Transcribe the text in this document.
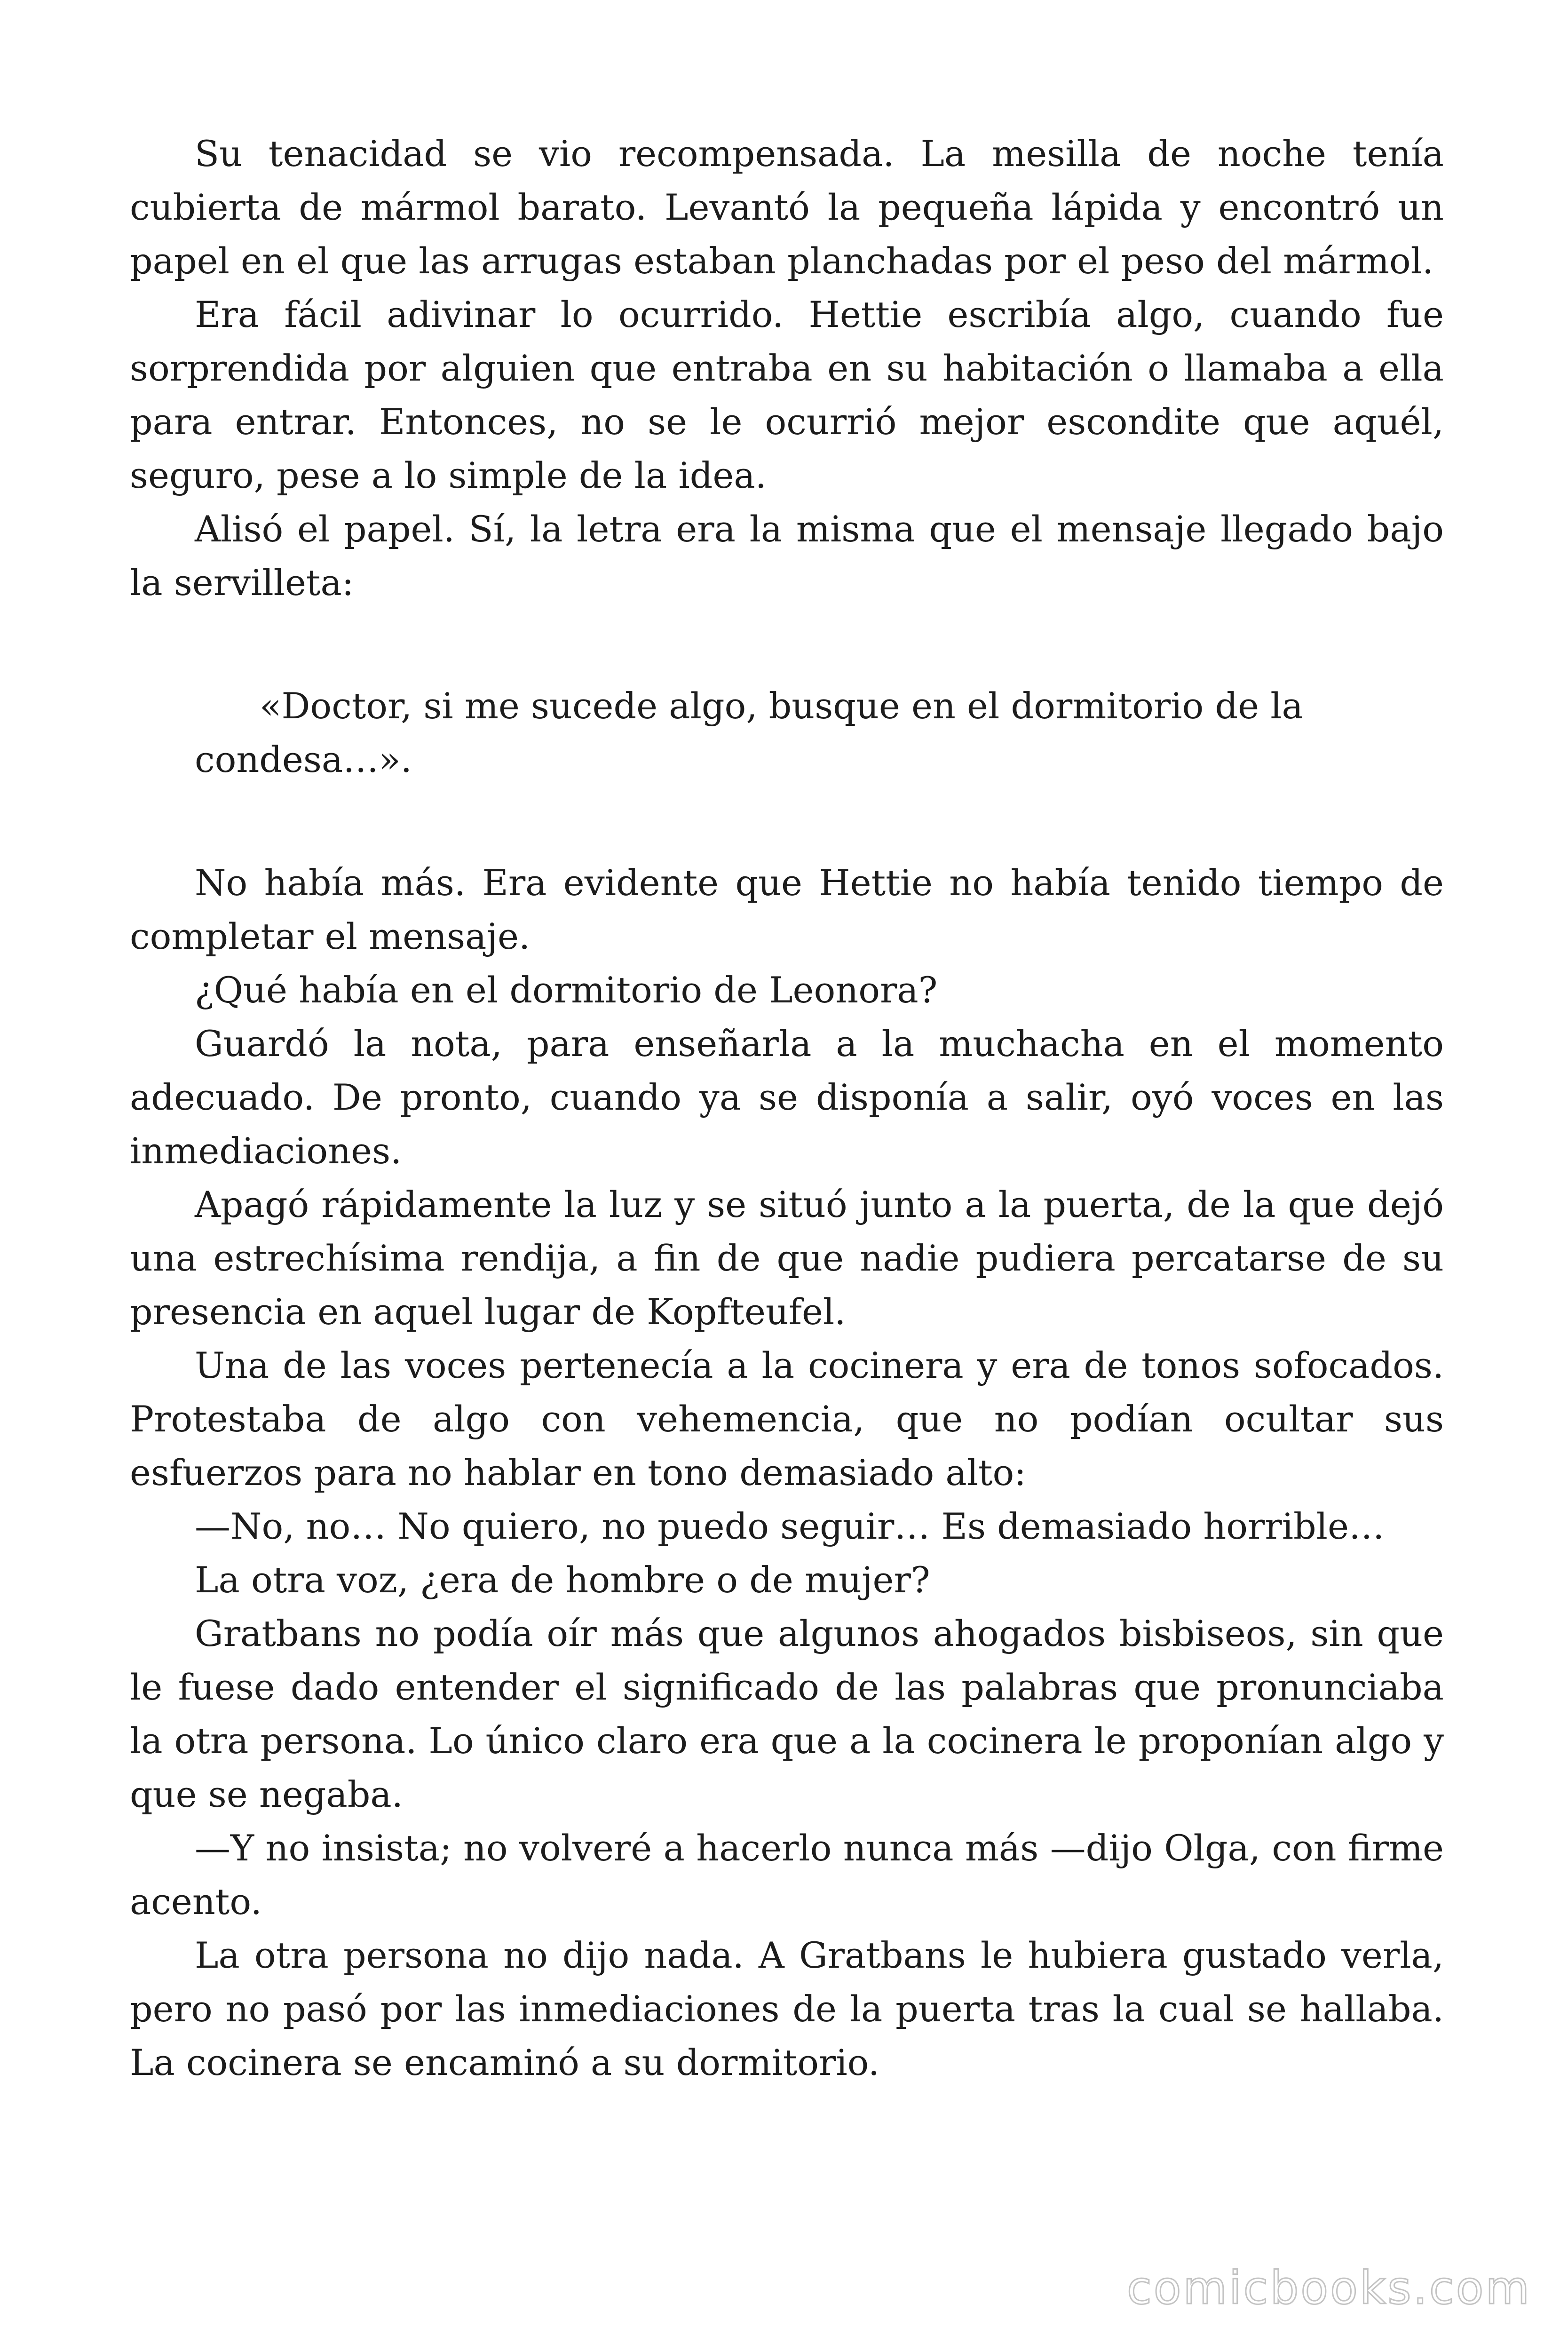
Su tenacidad se vio recompensada. La mesilla de noche tenía cubierta de mármol barato. Levantó la pequeña lápida y encontró un papel en el que las arrugas estaban planchadas por el peso del mármol.

Era fácil adivinar lo ocurrido. Hettie escribía algo, cuando fue sorprendida por alguien que entraba en su habitación o llamaba a ella para entrar. Entonces, no se le ocurrió mejor escondite que aquél, seguro, pese a lo simple de la idea.

Alisó el papel. Sí, la letra era la misma que el mensaje llegado bajo la servilleta:

«Doctor, si me sucede algo, busque en el dormitorio de la condesa…».

No había más. Era evidente que Hettie no había tenido tiempo de completar el mensaje.

¿Qué había en el dormitorio de Leonora?

Guardó la nota, para enseñarla a la muchacha en el momento adecuado. De pronto, cuando ya se disponía a salir, oyó voces en las inmediaciones.

Apagó rápidamente la luz y se situó junto a la puerta, de la que dejó una estrechísima rendija, a fin de que nadie pudiera percatarse de su presencia en aquel lugar de Kopfteufel.

Una de las voces pertenecía a la cocinera y era de tonos sofocados. Protestaba de algo con vehemencia, que no podían ocultar sus esfuerzos para no hablar en tono demasiado alto:

—No, no… No quiero, no puedo seguir… Es demasiado horrible…

La otra voz, ¿era de hombre o de mujer?

Gratbans no podía oír más que algunos ahogados bisbiseos, sin que le fuese dado entender el significado de las palabras que pronunciaba la otra persona. Lo único claro era que a la cocinera le proponían algo y que se negaba.

—Y no insista; no volveré a hacerlo nunca más —dijo Olga, con firme acento.

La otra persona no dijo nada. A Gratbans le hubiera gustado verla, pero no pasó por las inmediaciones de la puerta tras la cual se hallaba. La cocinera se encaminó a su dormitorio.

comicbooks.com
